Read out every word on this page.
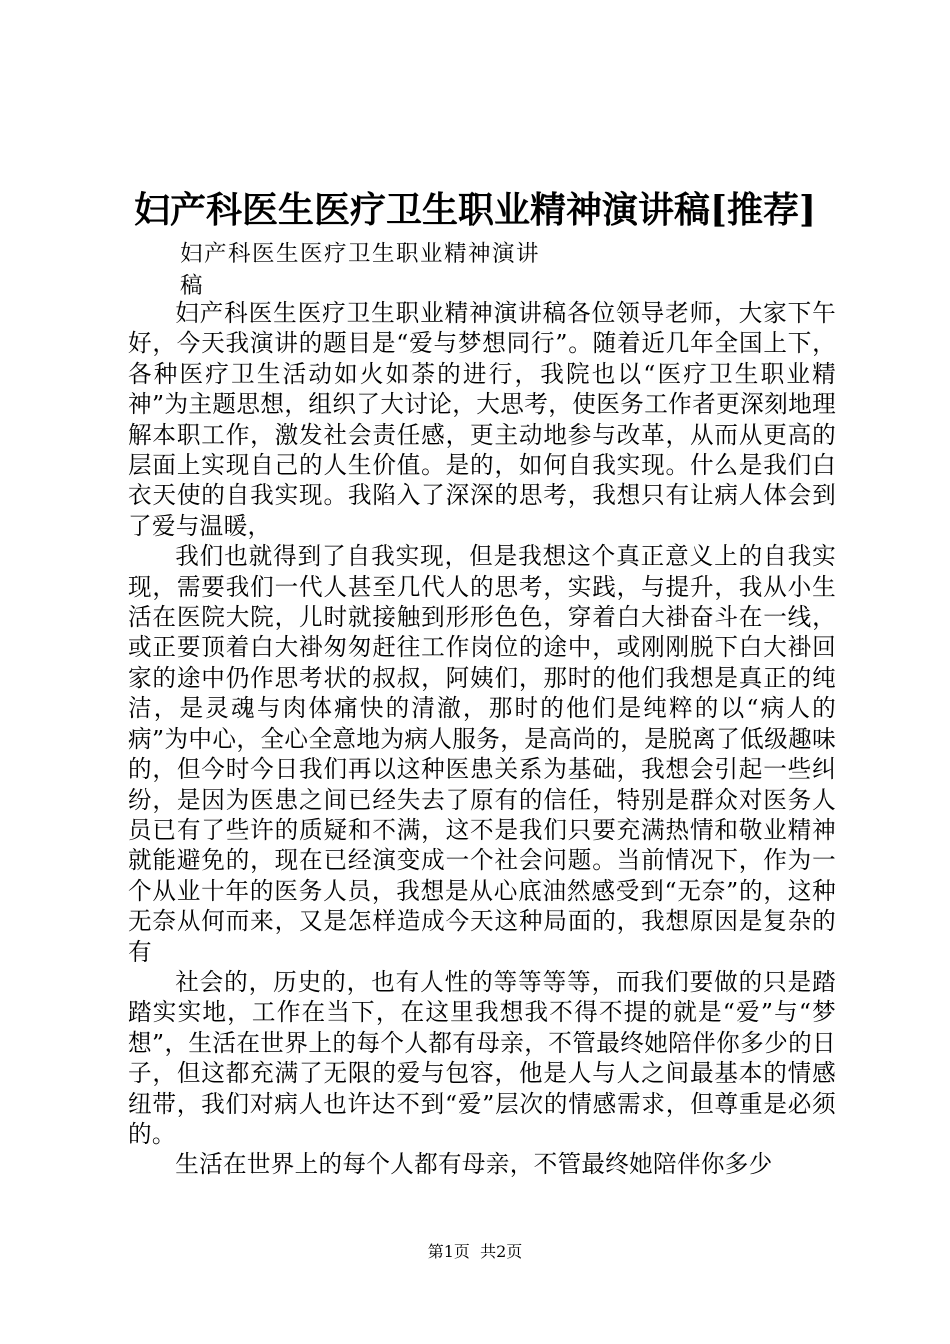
妇产科医生医疗卫生职业精神演讲稿[推荐]
妇产科医生医疗卫生职业精神演讲
稿

妇产科医生医疗卫生职业精神演讲稿各位领导老师，大家下午好，今天我演讲的题目是“爱与梦想同行”。随着近几年全国上下，各种医疗卫生活动如火如荼的进行，我院也以“医疗卫生职业精神”为主题思想，组织了大讨论，大思考，使医务工作者更深刻地理解本职工作，激发社会责任感，更主动地参与改革，从而从更高的层面上实现自己的人生价值。是的，如何自我实现。什么是我们白衣天使的自我实现。我陷入了深深的思考，我想只有让病人体会到了爱与温暖，

我们也就得到了自我实现，但是我想这个真正意义上的自我实现，需要我们一代人甚至几代人的思考，实践，与提升，我从小生活在医院大院，儿时就接触到形形色色，穿着白大褂奋斗在一线，或正要顶着白大褂匆匆赶往工作岗位的途中，或刚刚脱下白大褂回家的途中仍作思考状的叔叔，阿姨们，那时的他们我想是真正的纯洁，是灵魂与肉体痛快的清澈，那时的他们是纯粹的以“病人的病”为中心，全心全意地为病人服务，是高尚的，是脱离了低级趣味的，但今时今日我们再以这种医患关系为基础，我想会引起一些纠纷，是因为医患之间已经失去了原有的信任，特别是群众对医务人员已有了些许的质疑和不满，这不是我们只要充满热情和敬业精神就能避免的，现在已经演变成一个社会问题。当前情况下，作为一个从业十年的医务人员，我想是从心底油然感受到“无奈”的，这种无奈从何而来，又是怎样造成今天这种局面的，我想原因是复杂的有

社会的，历史的，也有人性的等等等等，而我们要做的只是踏踏实实地，工作在当下，在这里我想我不得不提的就是“爱”与“梦想”，生活在世界上的每个人都有母亲，不管最终她陪伴你多少的日子，但这都充满了无限的爱与包容，他是人与人之间最基本的情感纽带，我们对病人也许达不到“爱”层次的情感需求，但尊重是必须的。

生活在世界上的每个人都有母亲，不管最终她陪伴你多少

第1页 共2页
